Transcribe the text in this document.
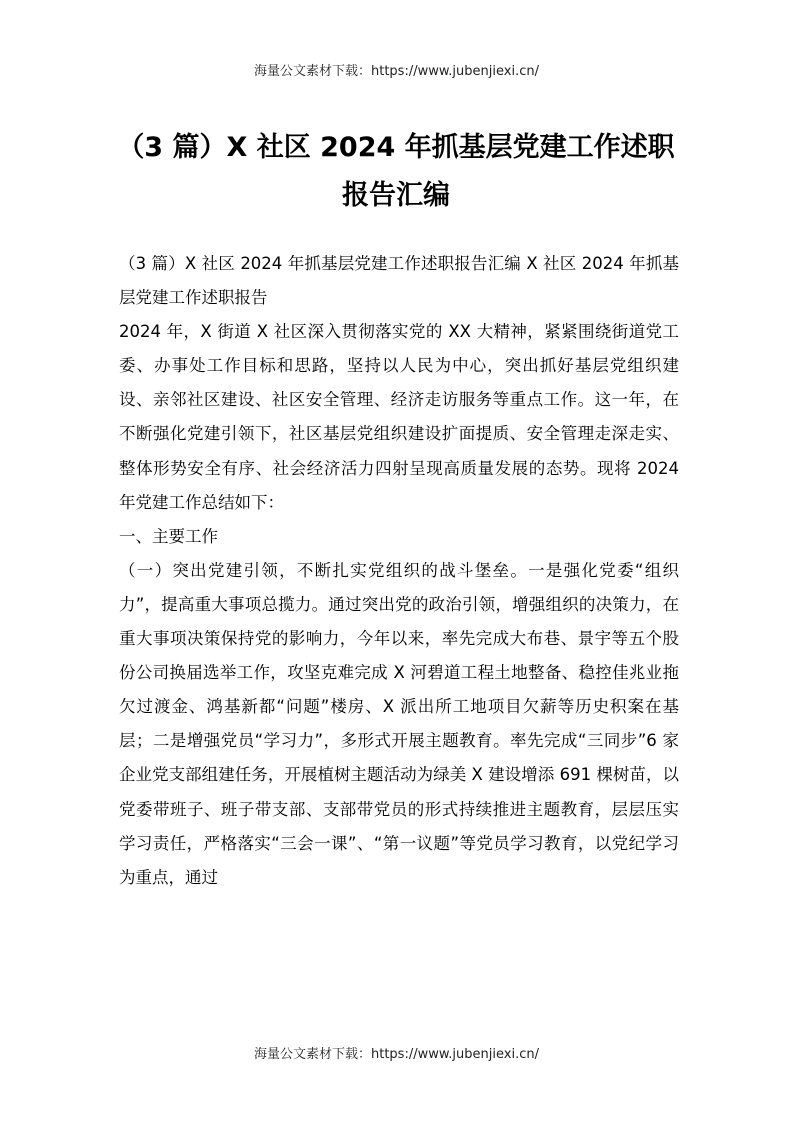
海量公文素材下载：https://www.jubenjiexi.cn/
（3 篇）X 社区 2024 年抓基层党建工作述职
报告汇编

（3 篇）X 社区 2024 年抓基层党建工作述职报告汇编 X 社区 2024 年抓基层党建工作述职报告

2024 年，X 街道 X 社区深入贯彻落实党的 XX 大精神，紧紧围绕街道党工委、办事处工作目标和思路，坚持以人民为中心，突出抓好基层党组织建设、亲邻社区建设、社区安全管理、经济走访服务等重点工作。这一年，在不断强化党建引领下，社区基层党组织建设扩面提质、安全管理走深走实、整体形势安全有序、社会经济活力四射呈现高质量发展的态势。现将 2024 年党建工作总结如下：

一、主要工作

（一）突出党建引领，不断扎实党组织的战斗堡垒。一是强化党委“组织力”，提高重大事项总揽力。通过突出党的政治引领，增强组织的决策力，在重大事项决策保持党的影响力，今年以来，率先完成大布巷、景宇等五个股份公司换届选举工作，攻坚克难完成 X 河碧道工程土地整备、稳控佳兆业拖欠过渡金、鸿基新都“问题”楼房、X 派出所工地项目欠薪等历史积案在基层；二是增强党员“学习力”，多形式开展主题教育。率先完成“三同步”6 家企业党支部组建任务，开展植树主题活动为绿美 X 建设增添 691 棵树苗，以党委带班子、班子带支部、支部带党员的形式持续推进主题教育，层层压实学习责任，严格落实“三会一课”、“第一议题”等党员学习教育，以党纪学习为重点，通过

海量公文素材下载：https://www.jubenjiexi.cn/
